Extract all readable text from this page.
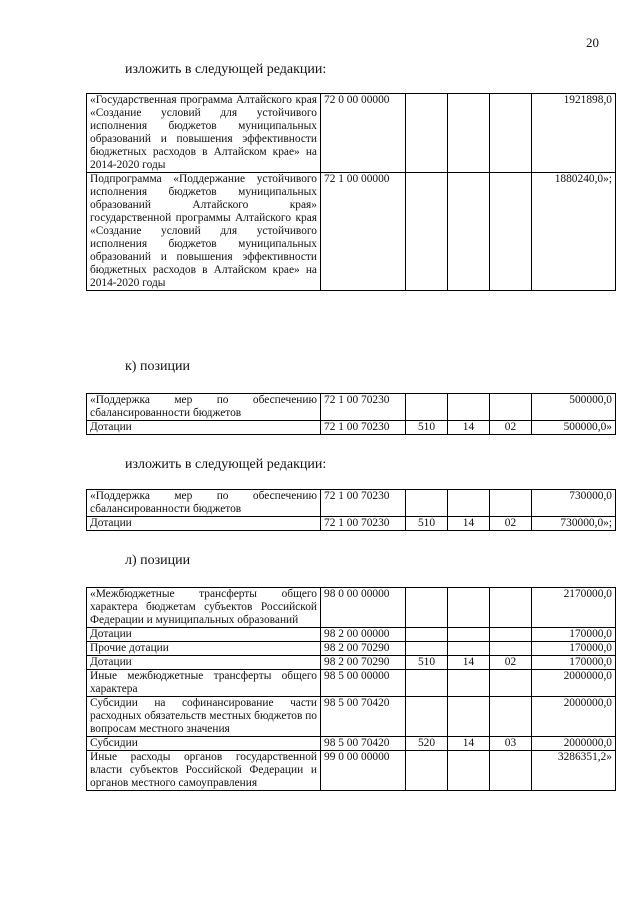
20
изложить в следующей редакции:
«Государственная программа Алтайского края «Создание условий для устойчивого исполнения бюджетов муниципальных образований и повышения эффективности бюджетных расходов в Алтайском крае» на 2014-2020 годы	72 0 00 00000				1921898,0
Подпрограмма «Поддержание устойчивого исполнения бюджетов муниципальных образований Алтайского края» государственной программы Алтайского края «Создание условий для устойчивого исполнения бюджетов муниципальных образований и повышения эффективности бюджетных расходов в Алтайском крае» на 2014-2020 годы	72 1 00 00000				1880240,0»;
к) позиции
«Поддержка мер по обеспечению сбалансированности бюджетов	72 1 00 70230				500000,0
Дотации	72 1 00 70230	510	14	02	500000,0»
изложить в следующей редакции:
«Поддержка мер по обеспечению сбалансированности бюджетов	72 1 00 70230				730000,0
Дотации	72 1 00 70230	510	14	02	730000,0»;
л) позиции
«Межбюджетные трансферты общего характера бюджетам субъектов Российской Федерации и муниципальных образований	98 0 00 00000				2170000,0
Дотации	98 2 00 00000				170000,0
Прочие дотации	98 2 00 70290				170000,0
Дотации	98 2 00 70290	510	14	02	170000,0
Иные межбюджетные трансферты общего характера	98 5 00 00000				2000000,0
Субсидии на софинансирование части расходных обязательств местных бюджетов по вопросам местного значения	98 5 00 70420				2000000,0
Субсидии	98 5 00 70420	520	14	03	2000000,0
Иные расходы органов государственной власти субъектов Российской Федерации и органов местного самоуправления	99 0 00 00000				3286351,2»
